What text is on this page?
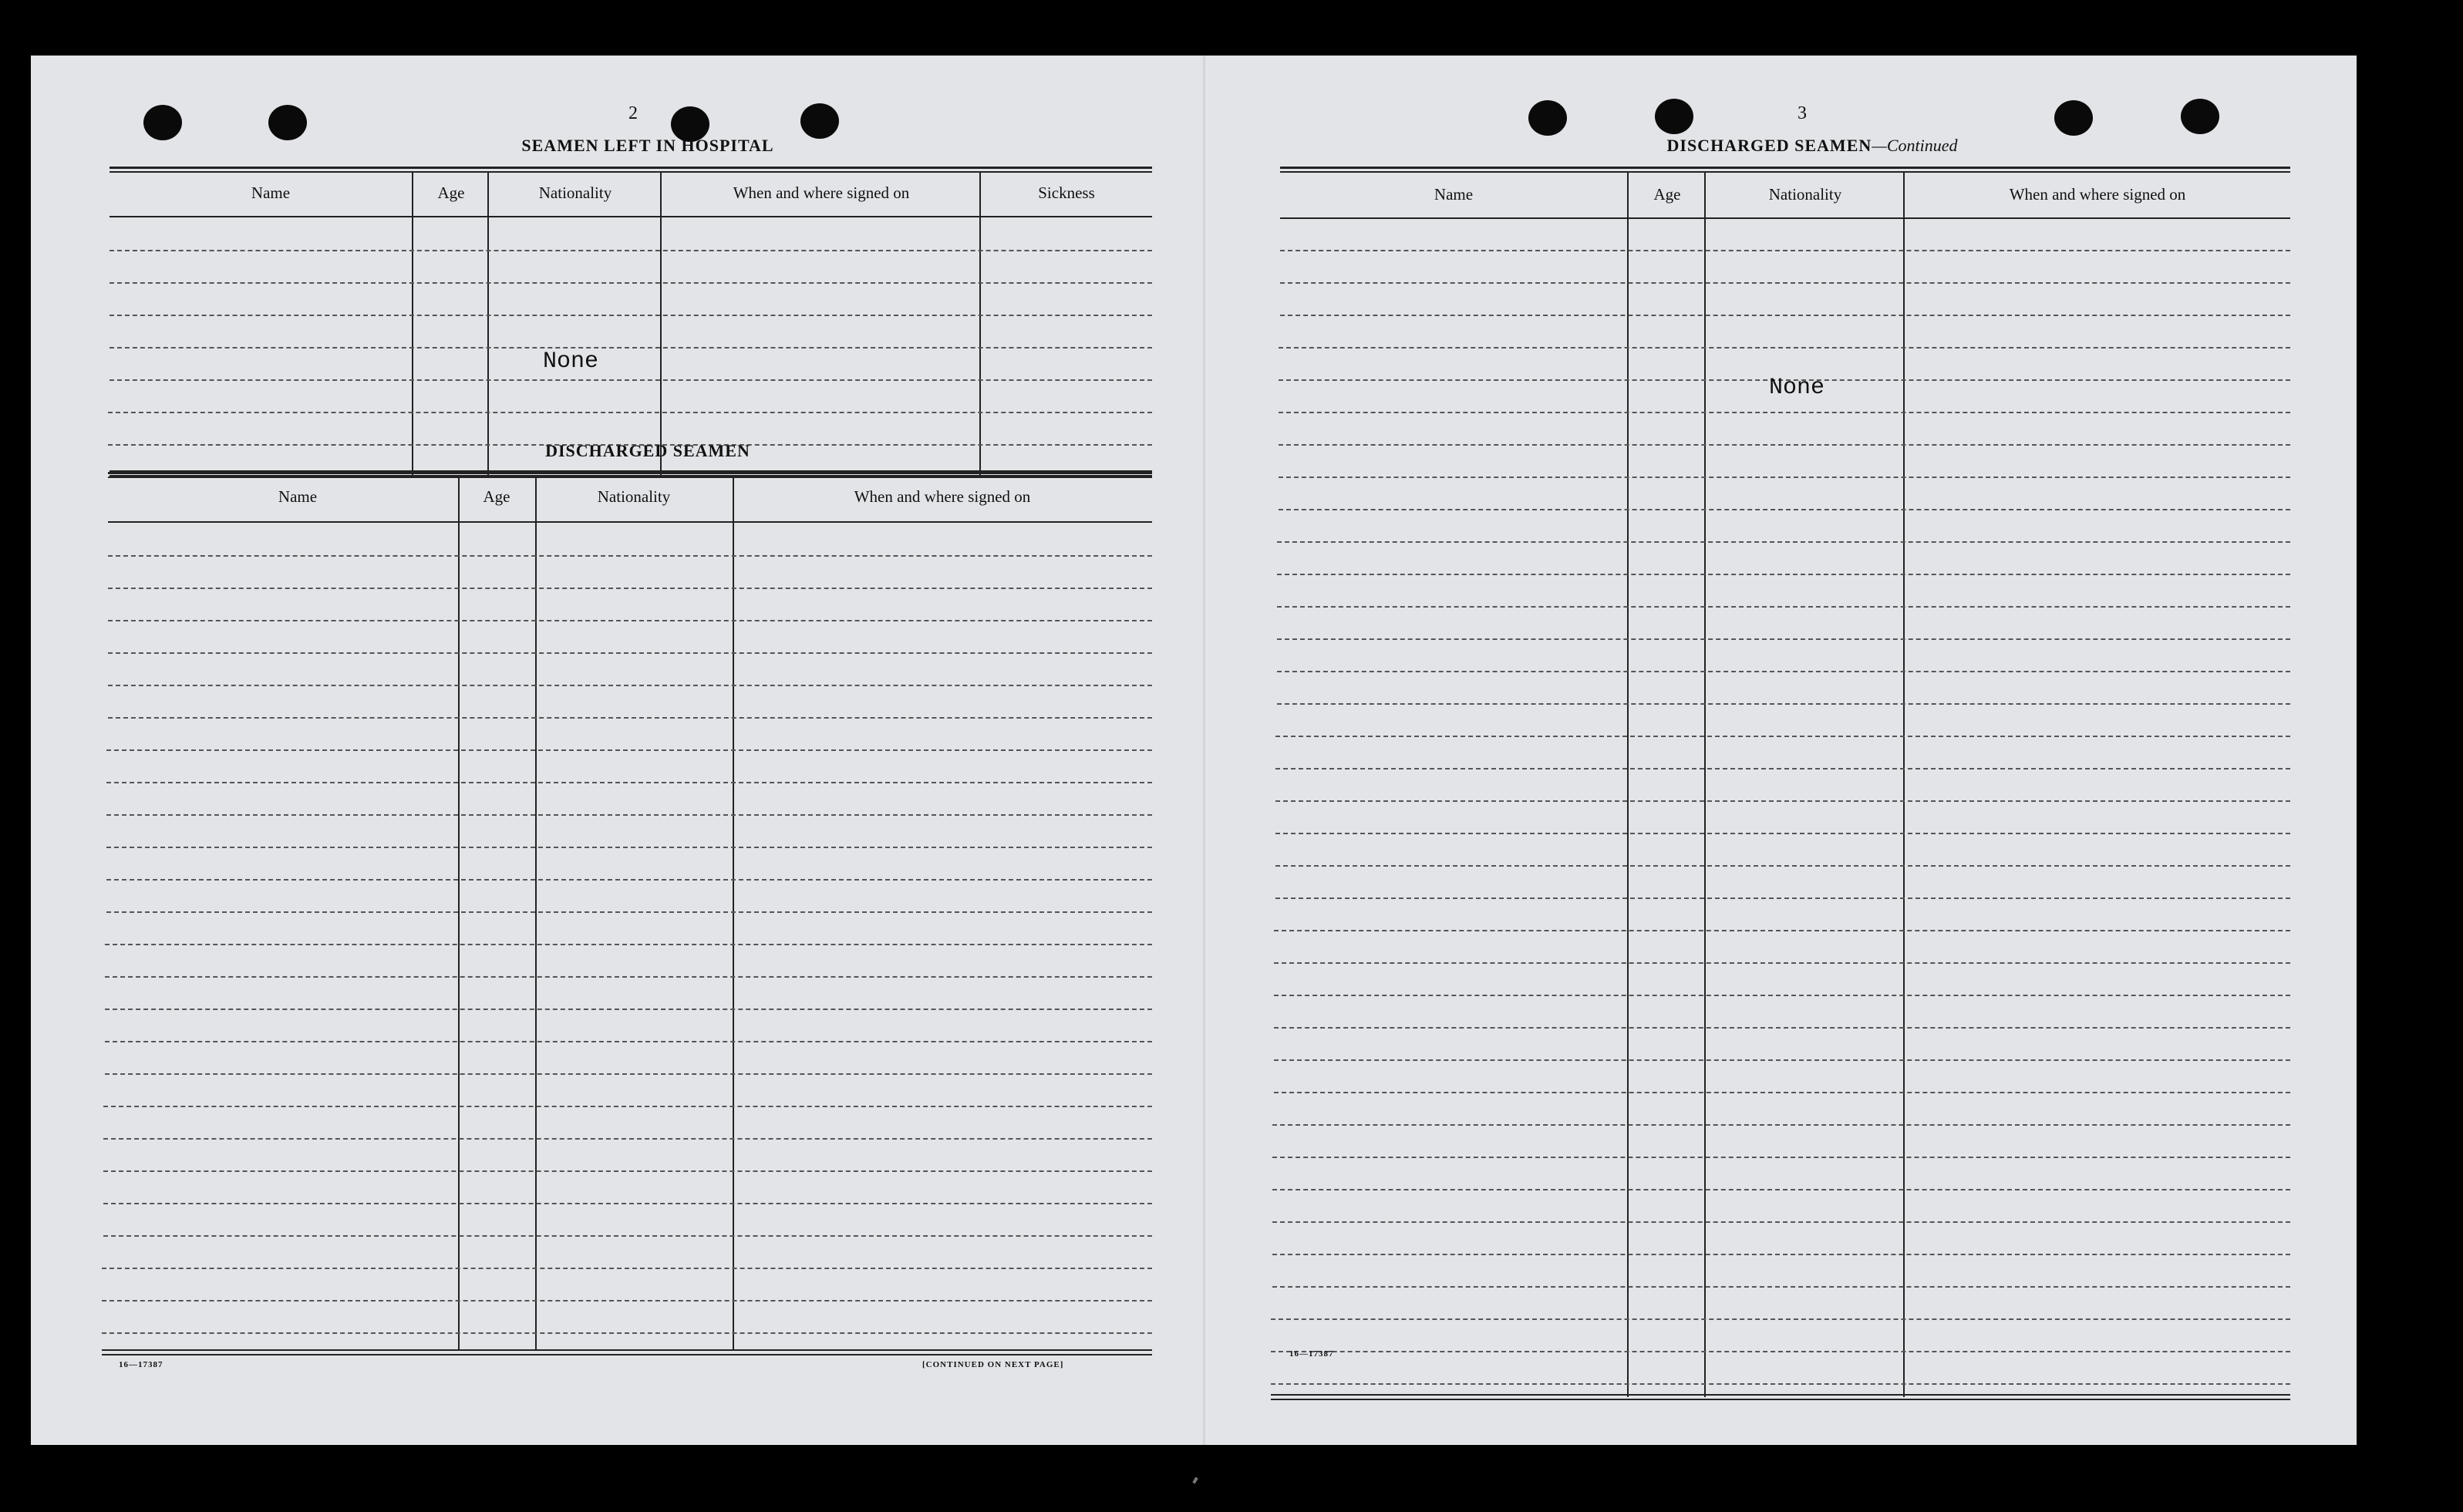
2
SEAMEN LEFT IN HOSPITAL
Name	Age	Nationality	When and where signed on	Sickness
None
DISCHARGED SEAMEN
Name	Age	Nationality	When and where signed on
16—17387	[CONTINUED ON NEXT PAGE]
3
DISCHARGED SEAMEN—Continued
Name	Age	Nationality	When and where signed on
None
16—17387
